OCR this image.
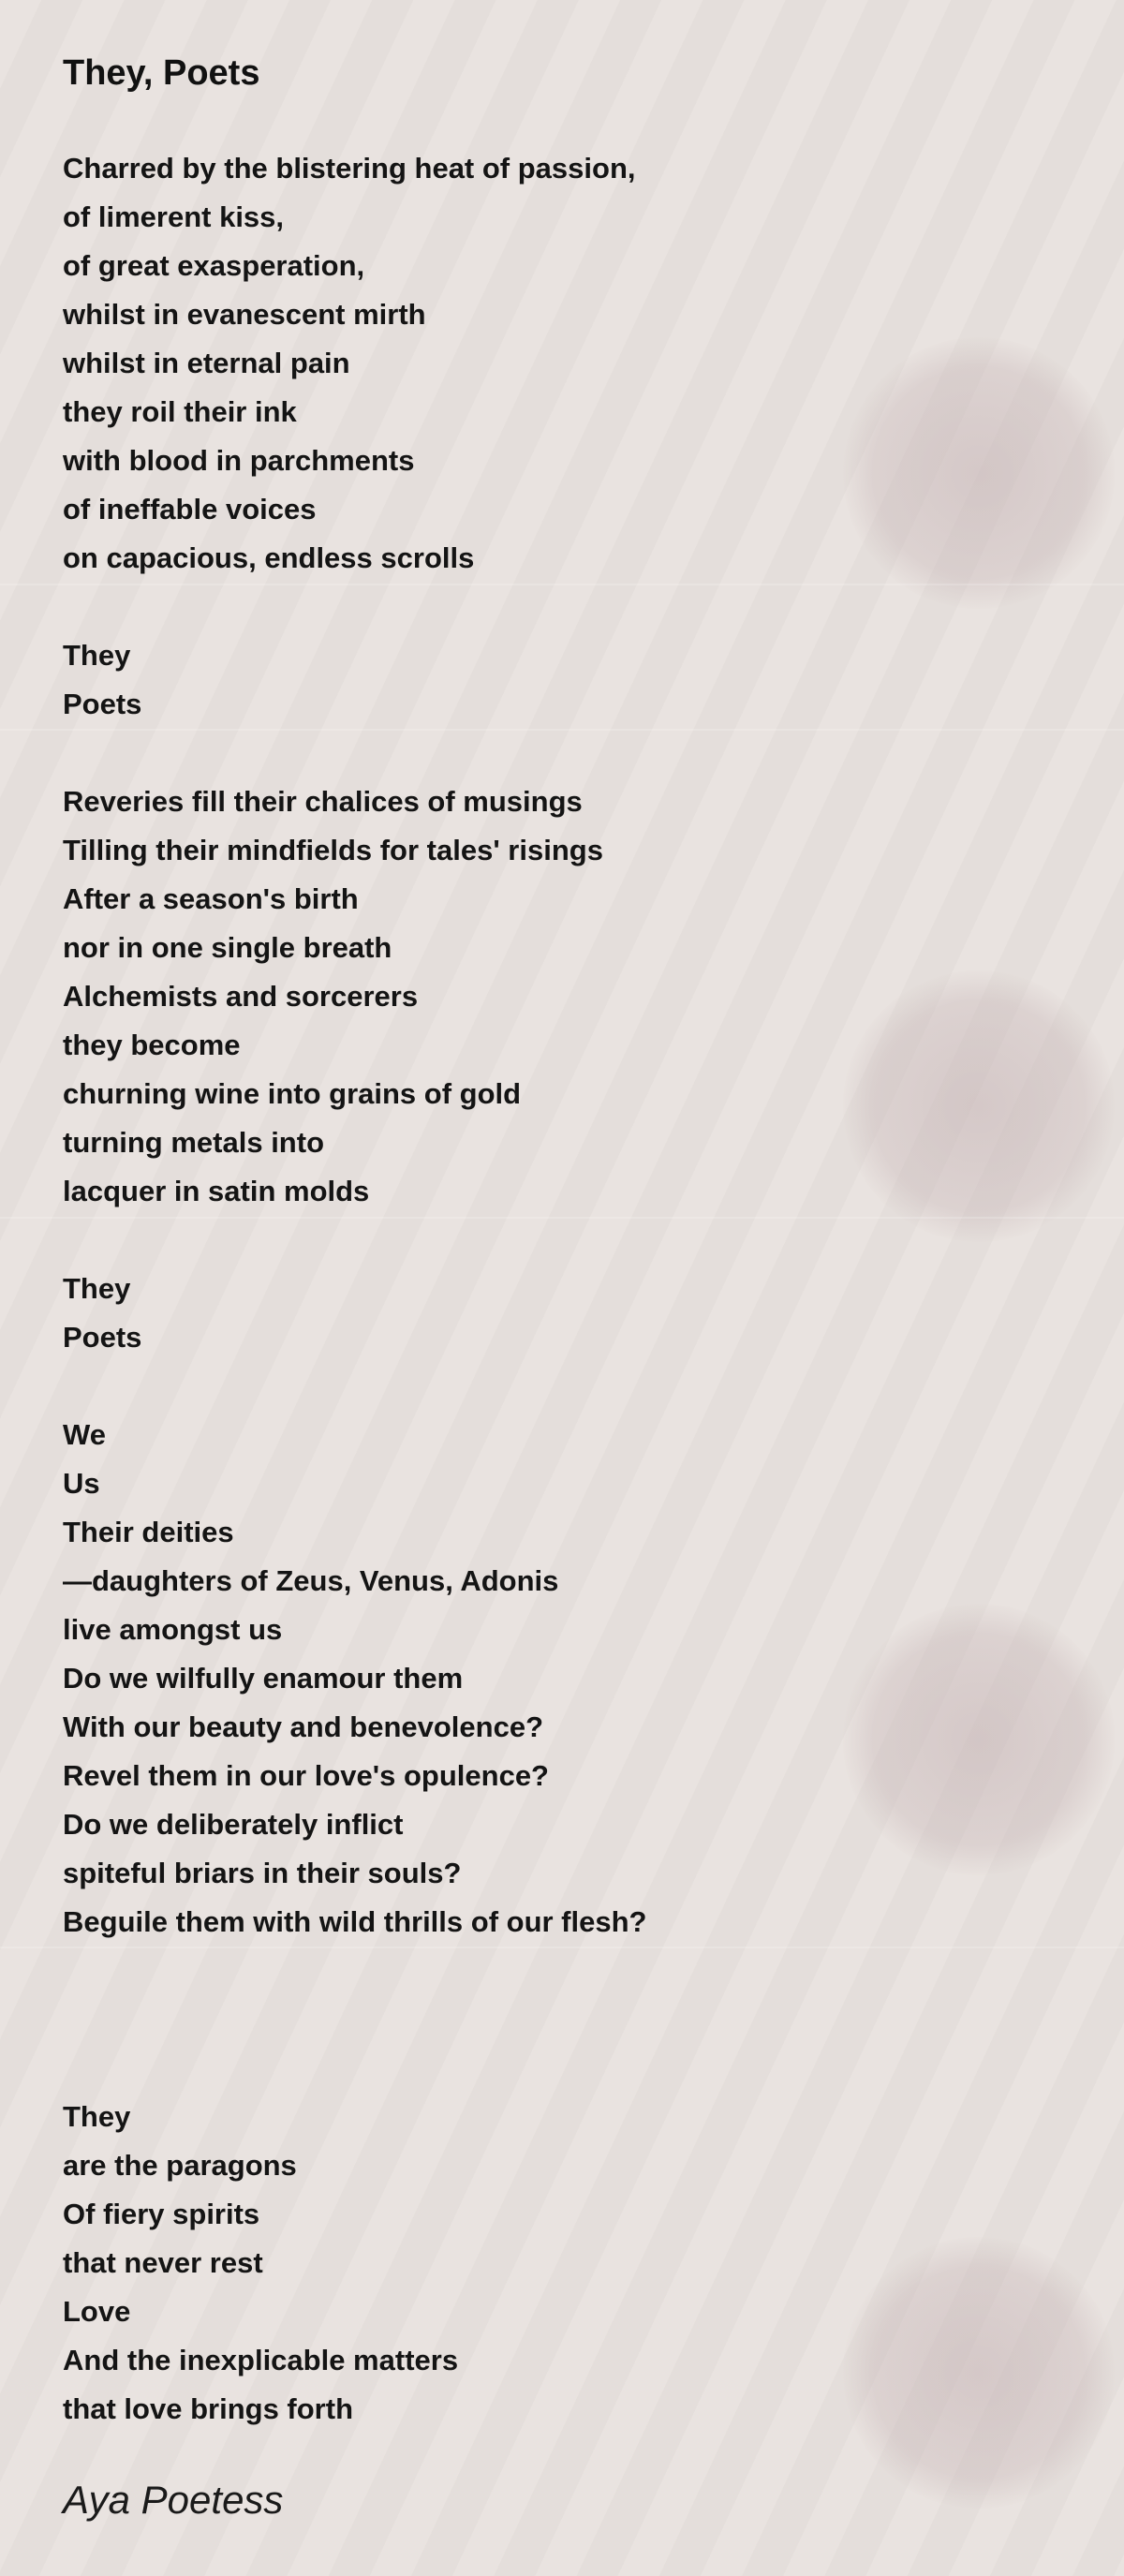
They, Poets
Charred by the blistering heat of passion,
of limerent kiss,
of great exasperation,
whilst in evanescent mirth
whilst in eternal pain
they roil their ink
with blood in parchments
of ineffable voices
on capacious, endless scrolls
They
Poets
Reveries fill their chalices of musings
Tilling their mindfields for tales' risings
After a season's birth
nor in one single breath
Alchemists and sorcerers
they become
churning wine into grains of gold
turning metals into
lacquer in satin molds
They
Poets
We
Us
Their deities
—daughters of Zeus, Venus, Adonis
live amongst us
Do we wilfully enamour them
With our beauty and benevolence?
Revel them in our love's opulence?
Do we deliberately inflict
spiteful briars in their souls?
Beguile them with wild thrills of our flesh?
They
are the paragons
Of fiery spirits
that never rest
Love
And the inexplicable matters
that love brings forth
Aya Poetess
